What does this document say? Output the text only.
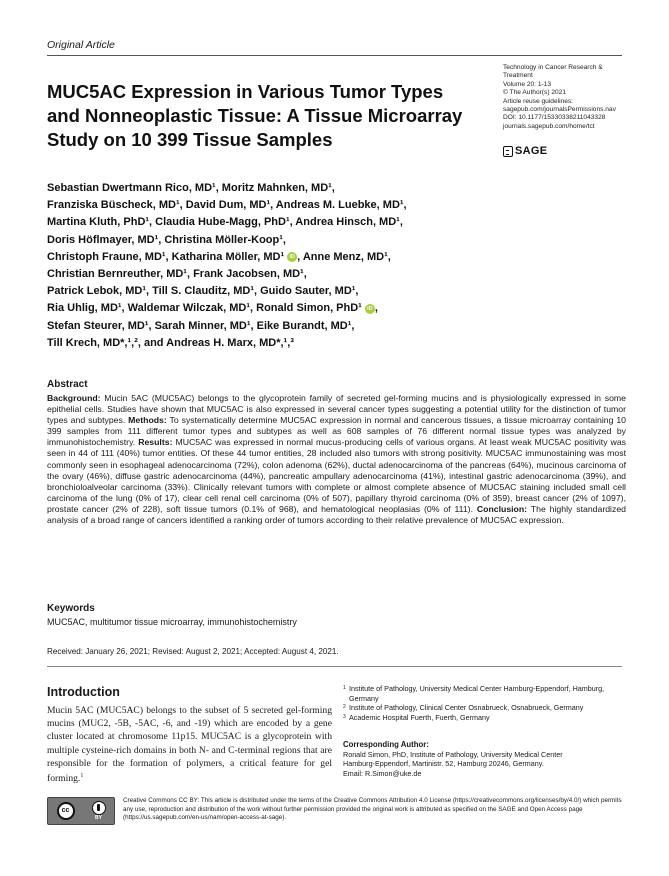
Original Article
MUC5AC Expression in Various Tumor Types
and Nonneoplastic Tissue: A Tissue Microarray
Study on 10 399 Tissue Samples
Technology in Cancer Research &
Treatment
Volume 20: 1-13
© The Author(s) 2021
Article reuse guidelines:
sagepub.com/journalsPermissions.nav
DOI: 10.1177/15330338211043328
journals.sagepub.com/home/tct
SAGE
Sebastian Dwertmann Rico, MD¹, Moritz Mahnken, MD¹,
Franziska Büscheck, MD¹, David Dum, MD¹, Andreas M. Luebke, MD¹,
Martina Kluth, PhD¹, Claudia Hube-Magg, PhD¹, Andrea Hinsch, MD¹,
Doris Höflmayer, MD¹, Christina Möller-Koop¹,
Christoph Fraune, MD¹, Katharina Möller, MD¹ iD , Anne Menz, MD¹,
Christian Bernreuther, MD¹, Frank Jacobsen, MD¹,
Patrick Lebok, MD¹, Till S. Clauditz, MD¹, Guido Sauter, MD¹,
Ria Uhlig, MD¹, Waldemar Wilczak, MD¹, Ronald Simon, PhD¹ iD ,
Stefan Steurer, MD¹, Sarah Minner, MD¹, Eike Burandt, MD¹,
Till Krech, MD*,¹,², and Andreas H. Marx, MD*,¹,³
Abstract
Background: Mucin 5AC (MUC5AC) belongs to the glycoprotein family of secreted gel-forming mucins and is physiologically expressed in some epithelial cells. Studies have shown that MUC5AC is also expressed in several cancer types suggesting a potential utility for the distinction of tumor types and subtypes. Methods: To systematically determine MUC5AC expression in normal and cancerous tissues, a tissue microarray containing 10 399 samples from 111 different tumor types and subtypes as well as 608 samples of 76 different normal tissue types was analyzed by immunohistochemistry. Results: MUC5AC was expressed in normal mucus-producing cells of various organs. At least weak MUC5AC positivity was seen in 44 of 111 (40%) tumor entities. Of these 44 tumor entities, 28 included also tumors with strong positivity. MUC5AC immunostaining was most commonly seen in esophageal adenocarcinoma (72%), colon adenoma (62%), ductal adenocarcinoma of the pancreas (64%), mucinous carcinoma of the ovary (46%), diffuse gastric adenocarcinoma (44%), pancreatic ampullary adenocarcinoma (41%), intestinal gastric adenocarcinoma (39%), and bronchioloalveolar carcinoma (33%). Clinically relevant tumors with complete or almost complete absence of MUC5AC staining included small cell carcinoma of the lung (0% of 17), clear cell renal cell carcinoma (0% of 507), papillary thyroid carcinoma (0% of 359), breast cancer (2% of 1097), prostate cancer (2% of 228), soft tissue tumors (0.1% of 968), and hematological neoplasias (0% of 111). Conclusion: The highly standardized analysis of a broad range of cancers identified a ranking order of tumors according to their relative prevalence of MUC5AC expression.
Keywords
MUC5AC, multitumor tissue microarray, immunohistochemistry
Received: January 26, 2021; Revised: August 2, 2021; Accepted: August 4, 2021.
Introduction
Mucin 5AC (MUC5AC) belongs to the subset of 5 secreted gel-forming mucins (MUC2, -5B, -5AC, -6, and -19) which are encoded by a gene cluster located at chromosome 11p15. MUC5AC is a glycoprotein with multiple cysteine-rich domains in both N- and C-terminal regions that are responsible for the formation of polymers, a critical feature for gel forming.$^1$
1 Institute of Pathology, University Medical Center Hamburg-Eppendorf, Hamburg, Germany
2 Institute of Pathology, Clinical Center Osnabrueck, Osnabrueck, Germany
3 Academic Hospital Fuerth, Fuerth, Germany
Corresponding Author:
Ronald Simon, PhD, Institute of Pathology, University Medical Center
Hamburg-Eppendorf, Martinistr. 52, Hamburg 20246, Germany.
Email: R.Simon@uke.de
cc
BY
Creative Commons CC BY: This article is distributed under the terms of the Creative Commons Attribution 4.0 License (https://creativecommons.org/licenses/by/4.0/) which permits any use, reproduction and distribution of the work without further permission provided the original work is attributed as specified on the SAGE and Open Access page (https://us.sagepub.com/en-us/nam/open-access-at-sage).
